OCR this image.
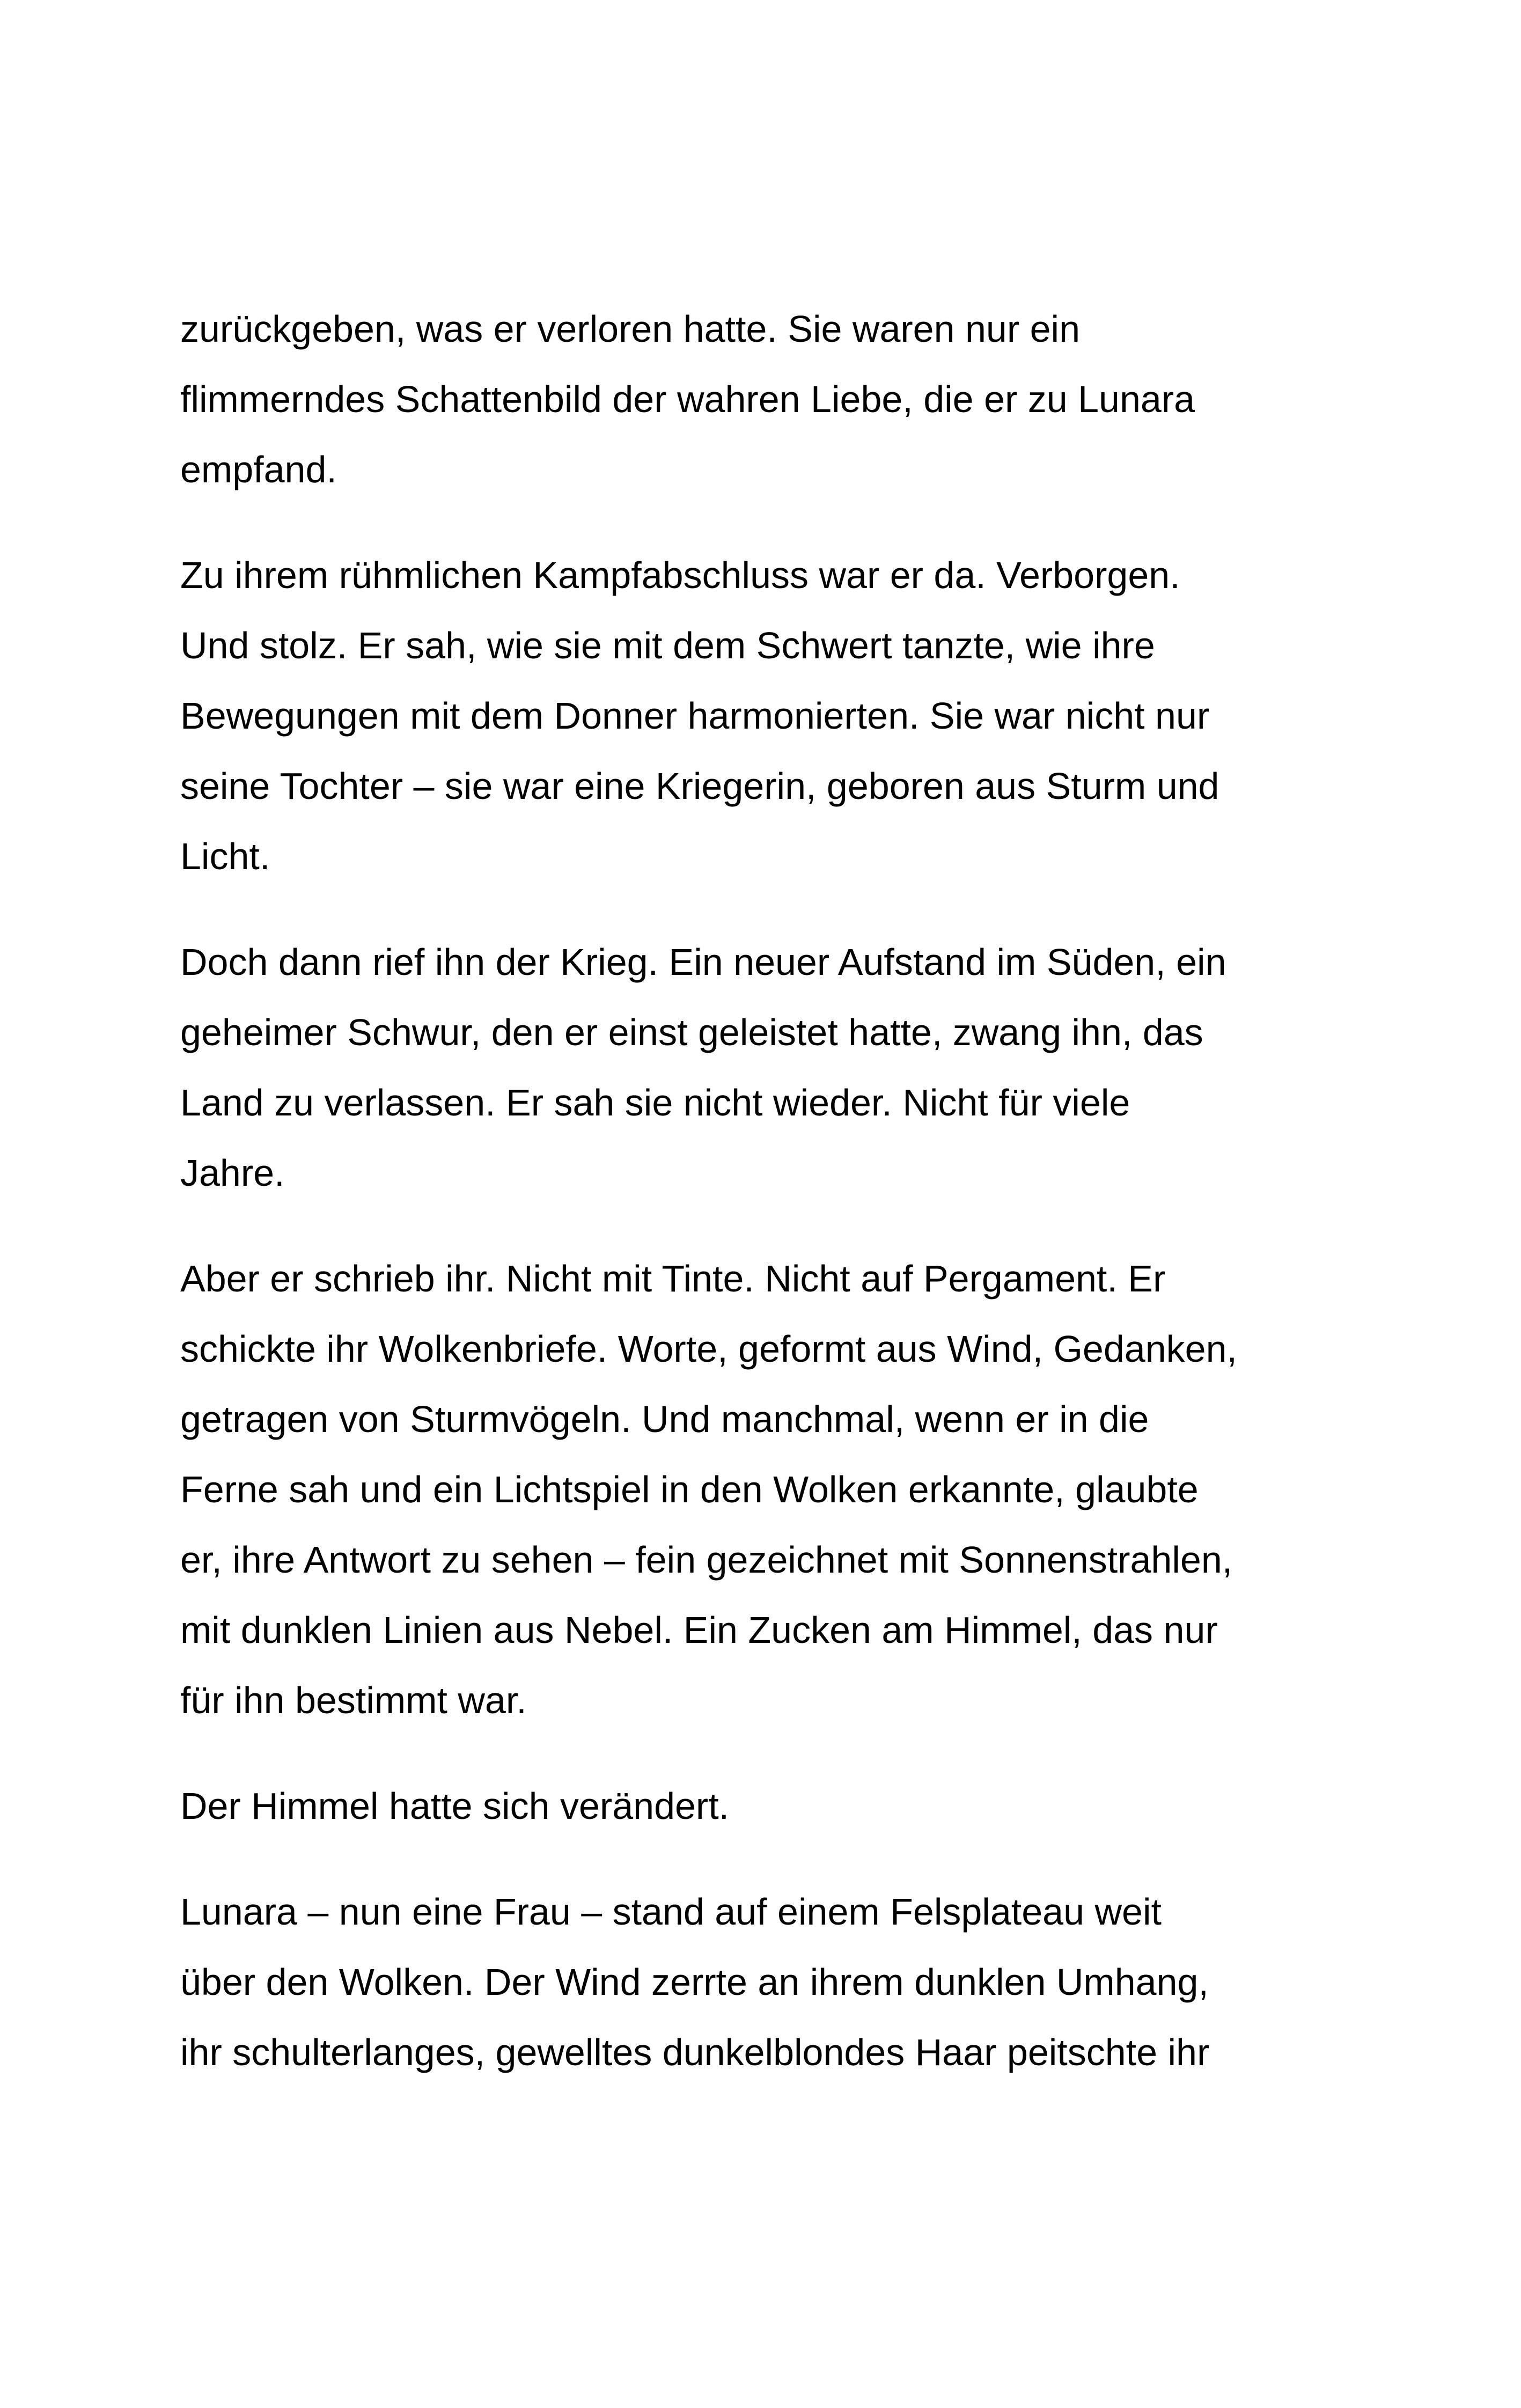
zurückgeben, was er verloren hatte. Sie waren nur ein
flimmerndes Schattenbild der wahren Liebe, die er zu Lunara
empfand.

Zu ihrem rühmlichen Kampfabschluss war er da. Verborgen.
Und stolz. Er sah, wie sie mit dem Schwert tanzte, wie ihre
Bewegungen mit dem Donner harmonierten. Sie war nicht nur
seine Tochter – sie war eine Kriegerin, geboren aus Sturm und
Licht.

Doch dann rief ihn der Krieg. Ein neuer Aufstand im Süden, ein
geheimer Schwur, den er einst geleistet hatte, zwang ihn, das
Land zu verlassen. Er sah sie nicht wieder. Nicht für viele
Jahre.

Aber er schrieb ihr. Nicht mit Tinte. Nicht auf Pergament. Er
schickte ihr Wolkenbriefe. Worte, geformt aus Wind, Gedanken,
getragen von Sturmvögeln. Und manchmal, wenn er in die
Ferne sah und ein Lichtspiel in den Wolken erkannte, glaubte
er, ihre Antwort zu sehen – fein gezeichnet mit Sonnenstrahlen,
mit dunklen Linien aus Nebel. Ein Zucken am Himmel, das nur
für ihn bestimmt war.

Der Himmel hatte sich verändert.

Lunara – nun eine Frau – stand auf einem Felsplateau weit
über den Wolken. Der Wind zerrte an ihrem dunklen Umhang,
ihr schulterlanges, gewelltes dunkelblondes Haar peitschte ihr
